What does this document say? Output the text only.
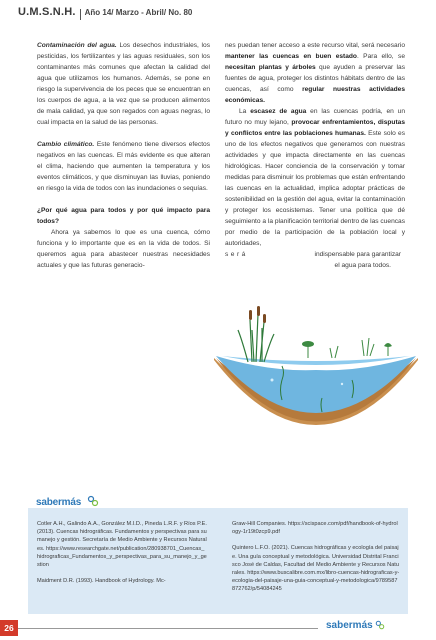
U.M.S.N.H. Año 14/ Marzo - Abril/ No. 80

Contaminación del agua. Los desechos industriales, los pesticidas, los fertilizantes y las aguas residuales, son los contaminantes más comunes que afectan la calidad del agua que utilizamos los humanos. Además, se pone en riesgo la supervivencia de los peces que se encuentran en los cuerpos de agua, a la vez que se producen alimentos de mala calidad, ya que son regados con aguas negras, lo cual impacta en la salud de las personas.

Cambio climático. Este fenómeno tiene diversos efectos negativos en las cuencas. El más evidente es que alteran el clima, haciendo que aumenten la temperatura y los eventos climáticos, y que disminuyan las lluvias, poniendo en riesgo la vida de todos con las inundaciones o sequías.

¿Por qué agua para todos y por qué impacto para todos?

Ahora ya sabemos lo que es una cuenca, cómo funciona y lo importante que es en la vida de todos. Si queremos agua para abastecer nuestras necesidades actuales y que las futuras generacio-

nes puedan tener acceso a este recurso vital, será necesario mantener las cuencas en buen estado. Para ello, se necesitan plantas y árboles que ayuden a preservar las fuentes de agua, proteger los distintos hábitats dentro de las cuencas, así como regular nuestras actividades económicas.

La escasez de agua en las cuencas podría, en un futuro no muy lejano, provocar enfrentamientos, disputas y conflictos entre las poblaciones humanas. Este solo es uno de los efectos negativos que generamos con nuestras actividades y que impacta directamente en las cuencas hidrológicas. Hacer conciencia de la conservación y tomar medidas para disminuir los problemas que están enfrentando las cuencas en la actualidad, implica adoptar prácticas de sostenibilidad en la gestión del agua, evitar la contaminación y proteger los ecosistemas. Tener una política que dé seguimiento a la planificación territorial dentro de las cuencas por medio de la participación de la población local y autoridades,

será	indispensable para garantizar

el agua para todos.

sabermás

Cotler A.H., Galindo A.A., González M.I.D., Pineda L.R.F. y Ríos P.E. (2013). Cuencas hidrográficas. Fundamentos y perspectivas para su manejo y gestión. Secretaría de Medio Ambiente y Recursos Naturales. https://www.researchgate.net/publication/280938701_Cuencas_hidrograficas_Fundamentos_y_perspectivas_para_su_manejo_y_gestion

Maidment D.R. (1993). Handbook of Hydrology. Mc-

Graw-Hill Companies. https://scispace.com/pdf/handbook-of-hydrology-1r19t0zcp9.pdf

Quintero L.F.O. (2021). Cuencas hidrográficas y ecología del paisaje. Una guía conceptual y metodológica. Universidad Distrital Francisco José de Caldas, Facultad del Medio Ambiente y Recursos Naturales. https://www.buscalibre.com.mx/libro-cuencas-hidrograficas-y-ecologia-del-paisaje-una-guia-conceptual-y-metodologica/9789587872762/p/54084245

26	sabermás
